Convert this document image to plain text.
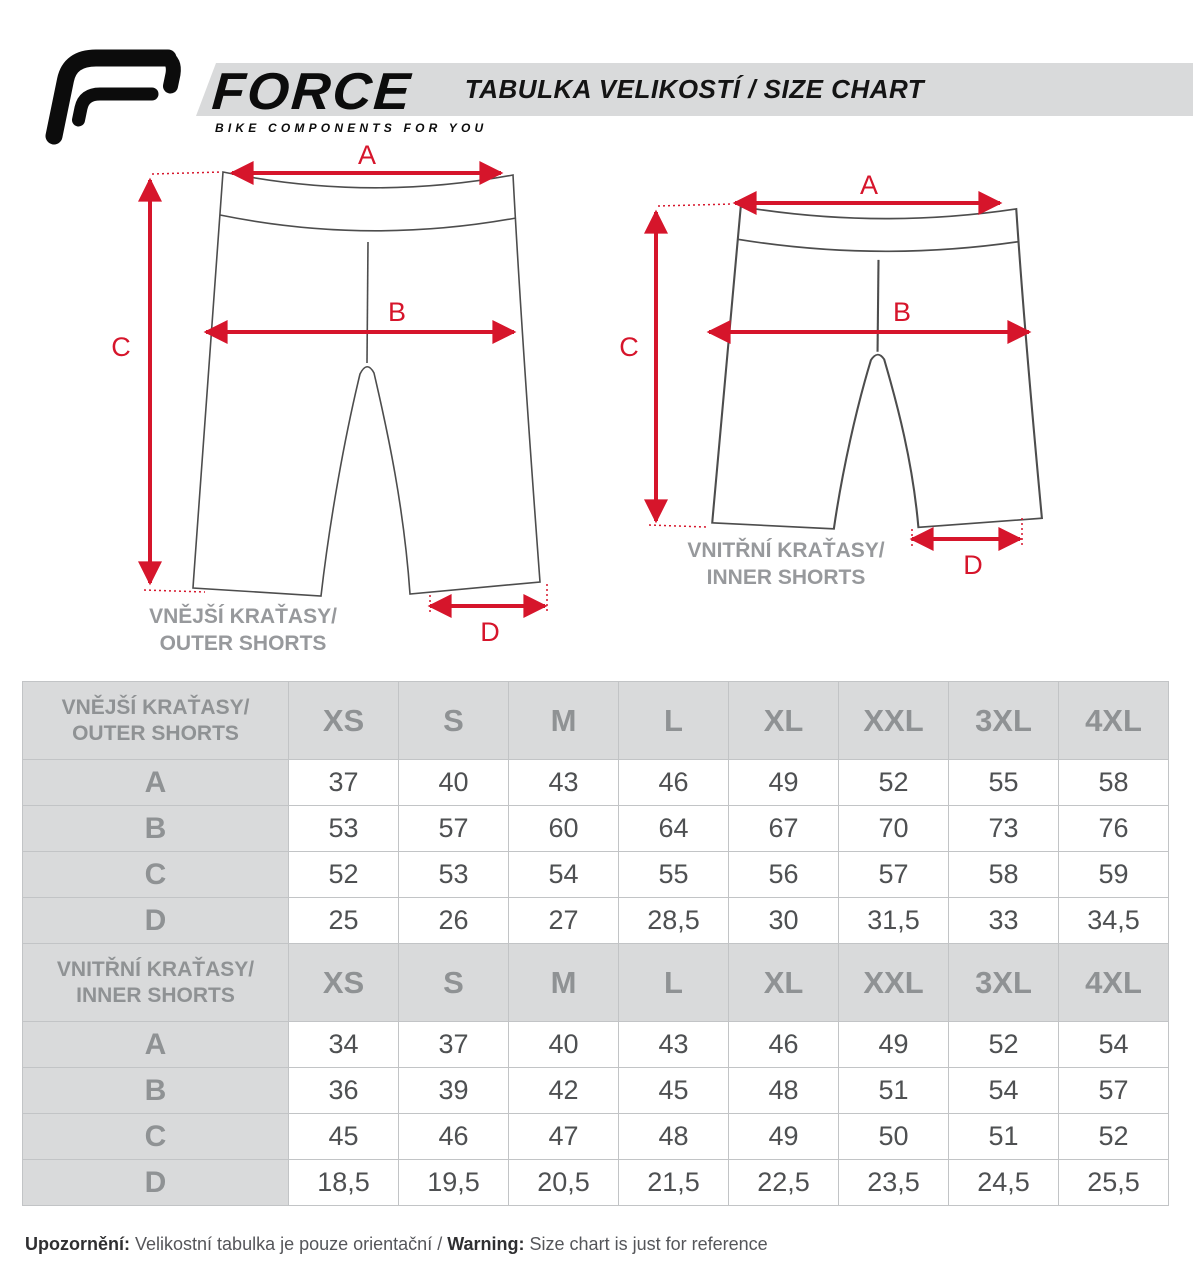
TABULKA VELIKOSTÍ / SIZE CHART
FORCE
BIKE COMPONENTS FOR YOU
A
B
C
D
A
B
C
D
VNĚJŠÍ KRAŤASY/
OUTER SHORTS
VNITŘNÍ KRAŤASY/
INNER SHORTS
VNĚJŠÍ KRAŤASY/
OUTER SHORTS	XS	S	M	L	XL	XXL	3XL	4XL
A	37	40	43	46	49	52	55	58
B	53	57	60	64	67	70	73	76
C	52	53	54	55	56	57	58	59
D	25	26	27	28,5	30	31,5	33	34,5

VNITŘNÍ KRAŤASY/
INNER SHORTS	XS	S	M	L	XL	XXL	3XL	4XL
A	34	37	40	43	46	49	52	54
B	36	39	42	45	48	51	54	57
C	45	46	47	48	49	50	51	52
D	18,5	19,5	20,5	21,5	22,5	23,5	24,5	25,5
Upozornění: Velikostní tabulka je pouze orientační / Warning: Size chart is just for reference
